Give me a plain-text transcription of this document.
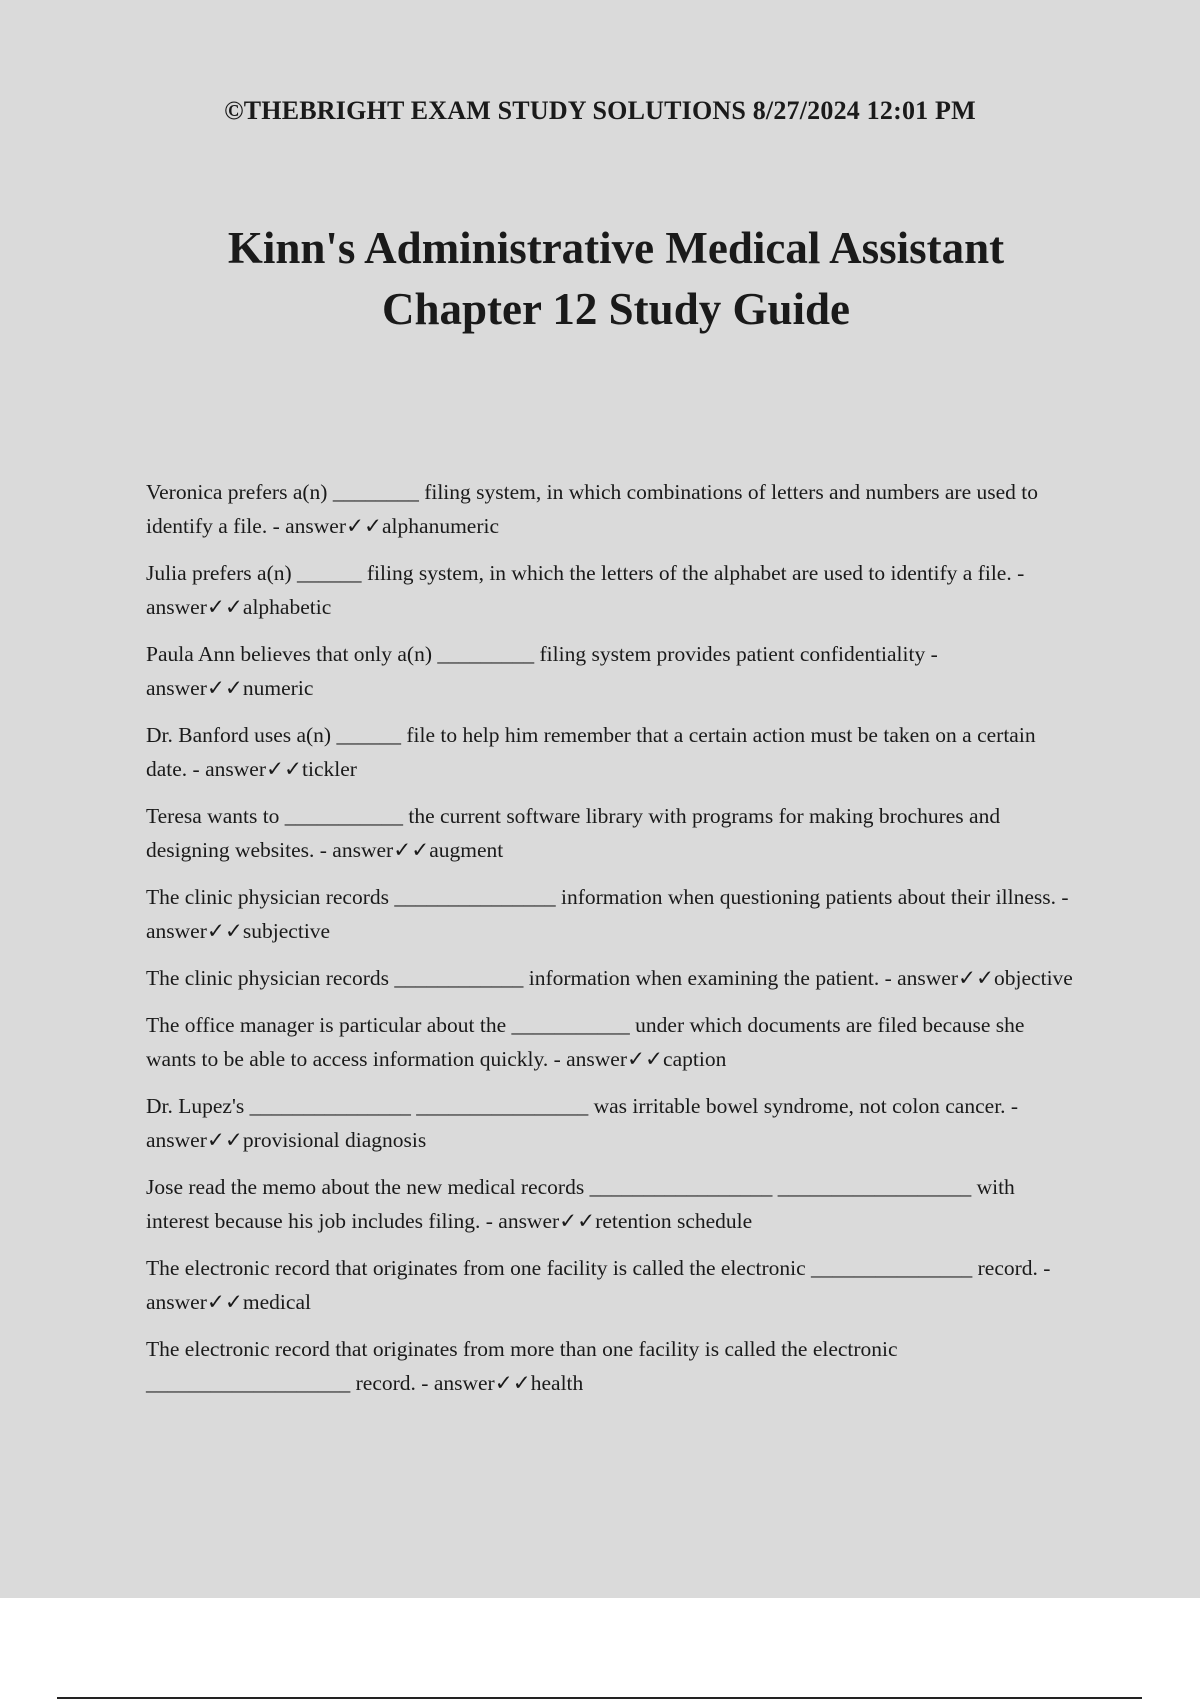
©THEBRIGHT EXAM STUDY SOLUTIONS 8/27/2024 12:01 PM
Kinn's Administrative Medical Assistant
Chapter 12 Study Guide

Veronica prefers a(n) ________ filing system, in which combinations of letters and numbers are used to identify a file. - answer✓✓alphanumeric

Julia prefers a(n) ______ filing system, in which the letters of the alphabet are used to identify a file. - answer✓✓alphabetic

Paula Ann believes that only a(n) _________ filing system provides patient confidentiality - answer✓✓numeric

Dr. Banford uses a(n) ______ file to help him remember that a certain action must be taken on a certain date. - answer✓✓tickler

Teresa wants to ___________ the current software library with programs for making brochures and designing websites. - answer✓✓augment

The clinic physician records _______________ information when questioning patients about their illness. - answer✓✓subjective

The clinic physician records ____________ information when examining the patient. - answer✓✓objective

The office manager is particular about the ___________ under which documents are filed because she wants to be able to access information quickly. - answer✓✓caption

Dr. Lupez's _______________ ________________ was irritable bowel syndrome, not colon cancer. - answer✓✓provisional diagnosis

Jose read the memo about the new medical records _________________ __________________ with interest because his job includes filing. - answer✓✓retention schedule

The electronic record that originates from one facility is called the electronic _______________ record. - answer✓✓medical

The electronic record that originates from more than one facility is called the electronic ___________________ record. - answer✓✓health
